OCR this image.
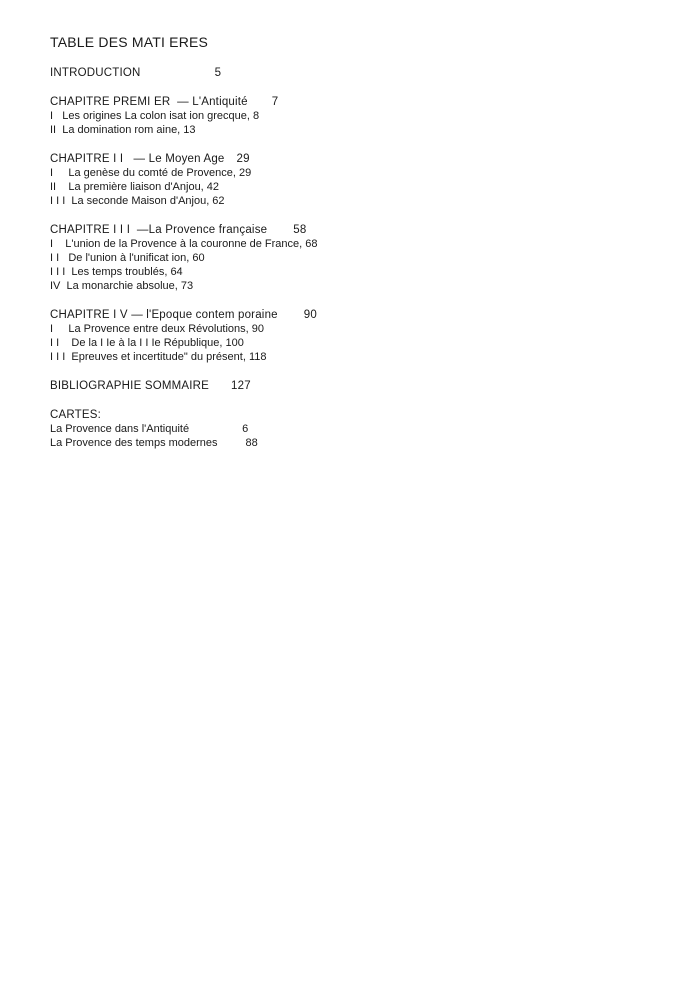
TABLE DES MATI ERES
INTRODUCTION	5
CHAPITRE PREMI ER  — L'Antiquité 7
I   Les origines La colon isat ion grecque, 8
II  La domination rom aine, 13
CHAPITRE I I   — Le Moyen Age 29
I     La genèse du comté de Provence, 29
II    La première liaison d'Anjou, 42
I I I  La seconde Maison d'Anjou, 62
CHAPITRE I I I  —La Provence française 58
I    L'union de la Provence à la couronne de France, 68
I I   De l'union à l'unificat ion, 60
I I I  Les temps troublés, 64
IV  La monarchie absolue, 73
CHAPITRE I V — l'Epoque contem poraine 90
I     La Provence entre deux Révolutions, 90
I I    De la I Ie à la I I Ie République, 100
I I I  Epreuves et incertitude" du présent, 118
BIBLIOGRAPHIE SOMMAIRE 127
CARTES:
La Provence dans l'Antiquité	6
La Provence des temps modernes	88
